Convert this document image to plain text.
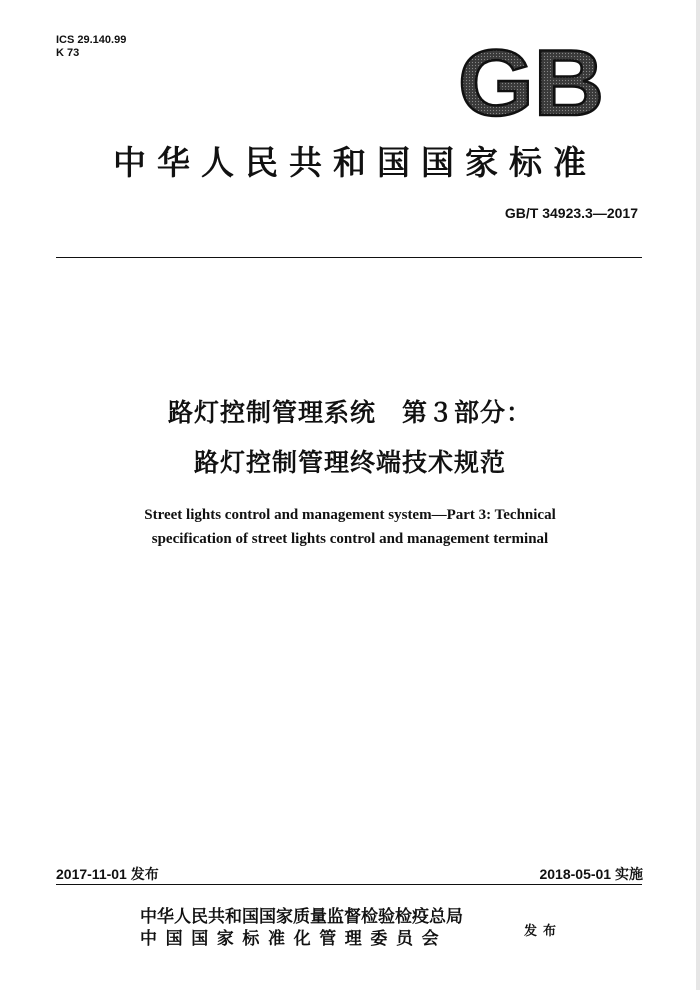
ICS 29.140.99
K 73	GB
中华人民共和国国家标准
GB/T 34923.3—2017
路灯控制管理系统　第３部分：
路灯控制管理终端技术规范
Street lights control and management system—Part 3: Technical
specification of street lights control and management terminal
2017-11-01 发布	2018-05-01 实施
中华人民共和国国家质量监督检验检疫总局
中国国家标准化管理委员会	发布
